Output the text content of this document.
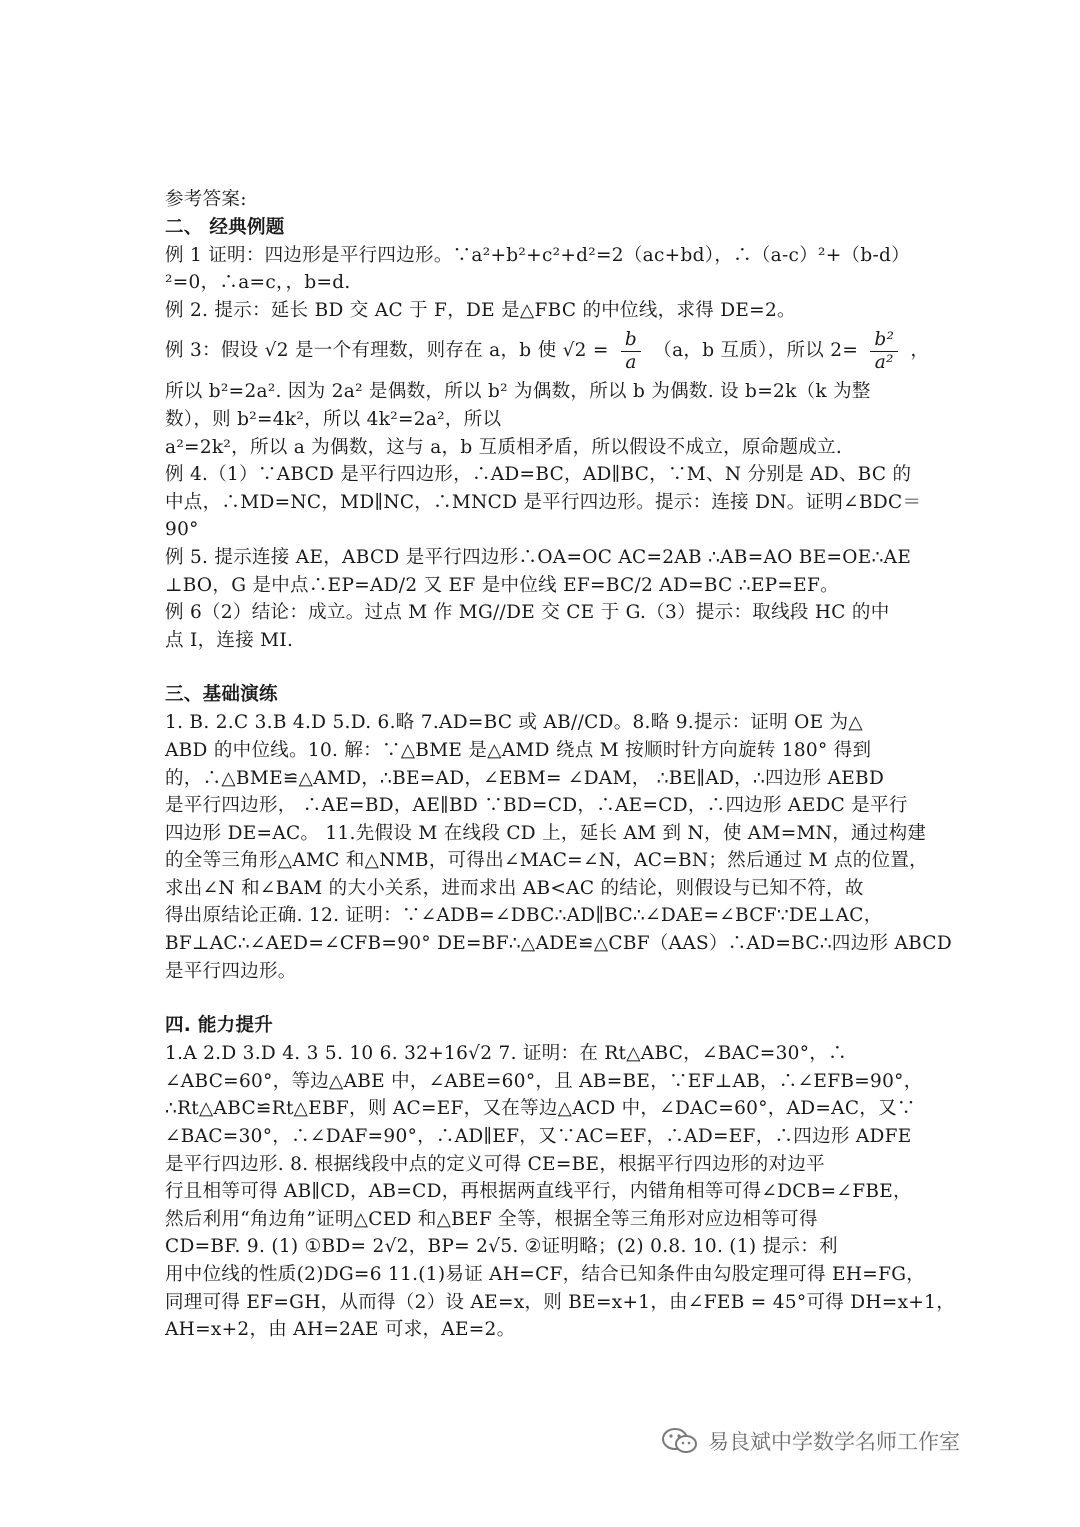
参考答案:
二、 经典例题
例 1 证明：四边形是平行四边形。∵a²+b²+c²+d²=2（ac+bd），∴（a-c）²+（b-d）
²=0，∴a=c，，b=d.
例 2. 提示：延长 BD 交 AC 于 F，DE 是△FBC 的中位线，求得 DE=2。
例 3：假设 √2 是一个有理数，则存在 a，b 使 $√2 = \frac{b}{a} (a$，b 互质），所以 $2= \frac{\text{b²}}{\text{a²}}$ ，
所以 b²=2a². 因为 2a² 是偶数，所以 b² 为偶数，所以 b 为偶数. 设 b=2k（k 为整
数），则 b²=4k²，所以 4k²=2a²，所以
a²=2k²，所以 a 为偶数，这与 a，b 互质相矛盾，所以假设不成立，原命题成立.
例 4.（1）∵ABCD 是平行四边形，∴AD=BC，AD∥BC，∵M、N 分别是 AD、BC 的
中点，∴MD=NC，MD∥NC，∴MNCD 是平行四边形。提示：连接 DN。证明∠BDC＝
90°
例 5. 提示连接 AE，ABCD 是平行四边形∴OA=OC AC=2AB ∴AB=AO BE=OE∴AE
⊥BO，G 是中点∴EP=AD/2 又 EF 是中位线 EF=BC/2 AD=BC ∴EP=EF。
例 6（2）结论：成立。过点 M 作 MG//DE 交 CE 于 G.（3）提示：取线段 HC 的中
点 I，连接 MI.
三、基础演练
1. B. 2.C 3.B 4.D 5.D. 6.略 7.AD=BC 或 AB//CD。8.略 9.提示：证明 OE 为△
ABD 的中位线。10. 解：∵△BME 是△AMD 绕点 M 按顺时针方向旋转 180° 得到
的，∴△BME≌△AMD，∴BE=AD，∠EBM= ∠DAM， ∴BE∥AD，∴四边形 AEBD
是平行四边形， ∴AE=BD，AE∥BD ∵BD=CD，∴AE=CD，∴四边形 AEDC 是平行
四边形 DE=AC。 11.先假设 M 在线段 CD 上，延长 AM 到 N，使 AM=MN，通过构建
的全等三角形△AMC 和△NMB，可得出∠MAC=∠N，AC=BN；然后通过 M 点的位置，
求出∠N 和∠BAM 的大小关系，进而求出 AB<AC 的结论，则假设与已知不符，故
得出原结论正确. 12. 证明：∵∠ADB=∠DBC∴AD∥BC∴∠DAE=∠BCF∵DE⊥AC，
BF⊥AC∴∠AED=∠CFB=90° DE=BF∴△ADE≌△CBF（AAS）∴AD=BC∴四边形 ABCD
是平行四边形。
四. 能力提升
1.A 2.D 3.D 4. 3 5. 10 6. 32+16√2 7. 证明：在 Rt△ABC，∠BAC=30°，∴
∠ABC=60°，等边△ABE 中，∠ABE=60°，且 AB=BE，∵EF⊥AB，∴∠EFB=90°，
∴Rt△ABC≌Rt△EBF，则 AC=EF，又在等边△ACD 中，∠DAC=60°，AD=AC，又∵
∠BAC=30°，∴∠DAF=90°，∴AD∥EF，又∵AC=EF，∴AD=EF，∴四边形 ADFE
是平行四边形. 8. 根据线段中点的定义可得 CE=BE，根据平行四边形的对边平
行且相等可得 AB∥CD，AB=CD，再根据两直线平行，内错角相等可得∠DCB=∠FBE，
然后利用“角边角”证明△CED 和△BEF 全等，根据全等三角形对应边相等可得
CD=BF. 9. (1) ①BD= 2√2，BP= 2√5. ②证明略；(2) 0.8. 10. (1) 提示：利
用中位线的性质(2)DG=6 11.(1)易证 AH=CF，结合已知条件由勾股定理可得 EH=FG，
同理可得 EF=GH，从而得（2）设 AE=x，则 BE=x+1，由∠FEB = 45°可得 DH=x+1，
AH=x+2，由 AH=2AE 可求，AE=2。
易良斌中学数学名师工作室
